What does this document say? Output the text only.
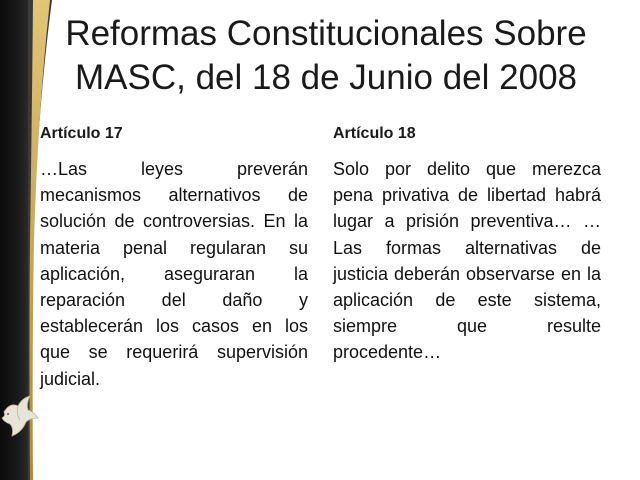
Reformas Constitucionales Sobre MASC, del 18 de Junio del 2008

Artículo 17

…Las leyes preverán mecanismos alternativos de solución de controversias. En la materia penal regularan su aplicación, aseguraran la reparación del daño y establecerán los casos en los que se requerirá supervisión judicial.

Artículo 18

Solo por delito que merezca pena privativa de libertad habrá lugar a prisión preventiva… …Las formas alternativas de justicia deberán observarse en la aplicación de este sistema, siempre que resulte procedente…
